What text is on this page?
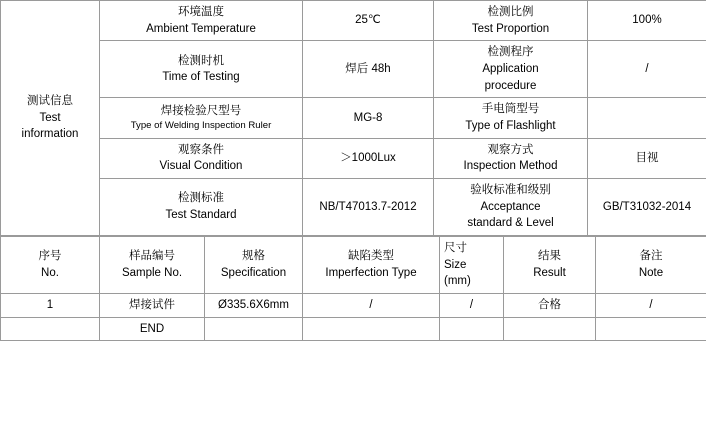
测试信息
Test
information	环境温度
Ambient Temperature	25℃	检测比例
Test Proportion	100%

	检测时机
Time of Testing	焊后 48h	检测程序
Application
procedure	/

	焊接检验尺型号
Type of Welding Inspection Ruler	MG-8	手电筒型号
Type of Flashlight	

	观察条件
Visual Condition	＞1000Lux	观察方式
Inspection Method	目视

	检测标准
Test Standard	NB/T47013.7-2012	验收标准和级别
Acceptance
standard & Level	GB/T31032-2014
序号
No.	样品编号
Sample No.	规格
Specification	缺陷类型
Imperfection Type	尺寸
Size
(mm)	结果
Result	备注
Note

1	焊接试件	Ø335.6X6mm	/	/	合格	/
	END					
